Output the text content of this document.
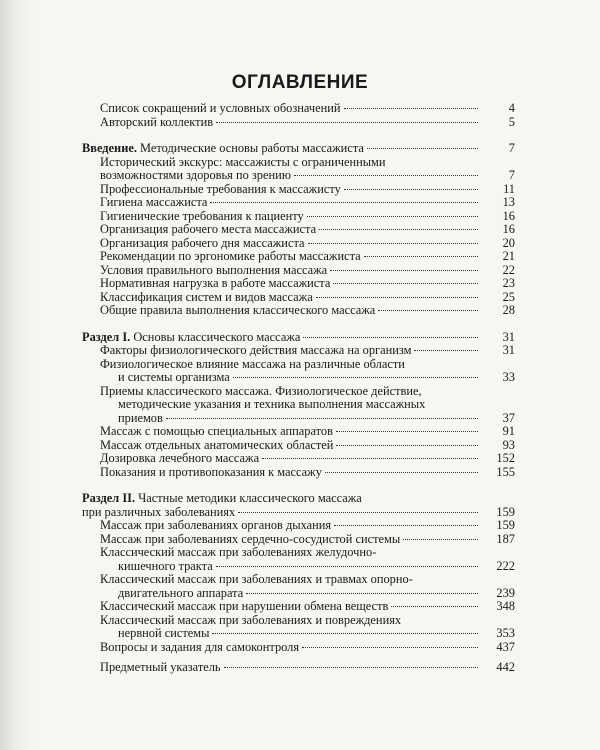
ОГЛАВЛЕНИЕ
Список сокращений и условных обозначений	4
Авторский коллектив	5
Введение. Методические основы работы массажиста	7
Исторический экскурс: массажисты с ограниченными
возможностями здоровья по зрению	7
Профессиональные требования к массажисту	11
Гигиена массажиста	13
Гигиенические требования к пациенту	16
Организация рабочего места массажиста	16
Организация рабочего дня массажиста	20
Рекомендации по эргономике работы массажиста	21
Условия правильного выполнения массажа	22
Нормативная нагрузка в работе массажиста	23
Классификация систем и видов массажа	25
Общие правила выполнения классического массажа	28
Раздел I. Основы классического массажа	31
Факторы физиологического действия массажа на организм	31
Физиологическое влияние массажа на различные области
и системы организма	33
Приемы классического массажа. Физиологическое действие,
методические указания и техника выполнения массажных
приемов	37
Массаж с помощью специальных аппаратов	91
Массаж отдельных анатомических областей	93
Дозировка лечебного массажа	152
Показания и противопоказания к массажу	155
Раздел II. Частные методики классического массажа
при различных заболеваниях	159
Массаж при заболеваниях органов дыхания	159
Массаж при заболеваниях сердечно-сосудистой системы	187
Классический массаж при заболеваниях желудочно-
кишечного тракта	222
Классический массаж при заболеваниях и травмах опорно-
двигательного аппарата	239
Классический массаж при нарушении обмена веществ	348
Классический массаж при заболеваниях и повреждениях
нервной системы	353
Вопросы и задания для самоконтроля	437
Предметный указатель	442
